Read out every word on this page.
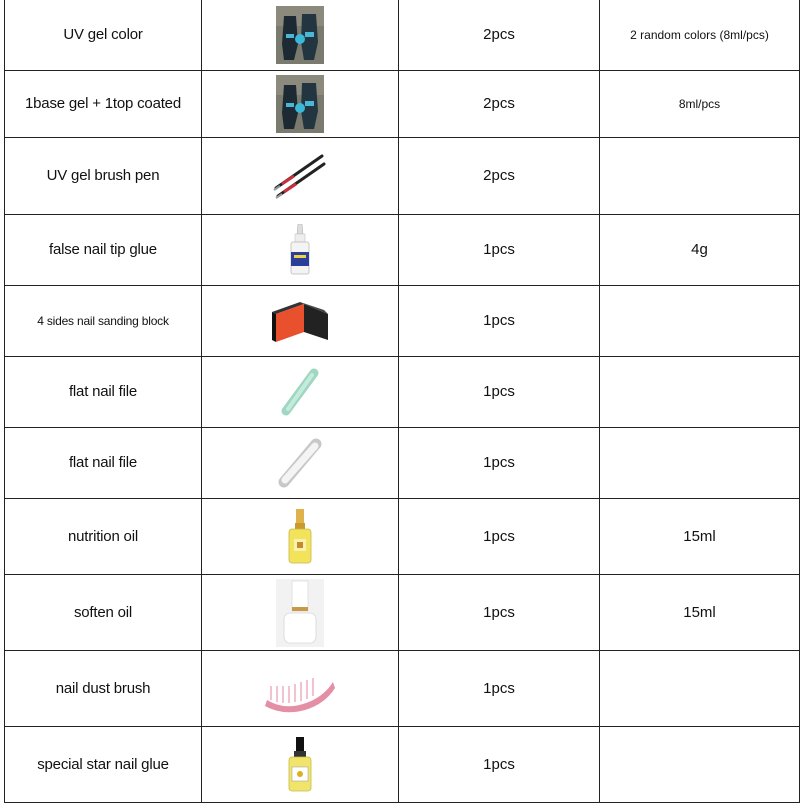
UV gel color		2pcs	2 random colors (8ml/pcs)
1base gel + 1top coated		2pcs	8ml/pcs
UV gel brush pen		2pcs	
false nail tip glue		1pcs	4g
4 sides nail sanding block		1pcs	
flat nail file		1pcs	
flat nail file		1pcs	
nutrition oil		1pcs	15ml
soften oil		1pcs	15ml
nail dust brush		1pcs	
special star nail glue		1pcs	
